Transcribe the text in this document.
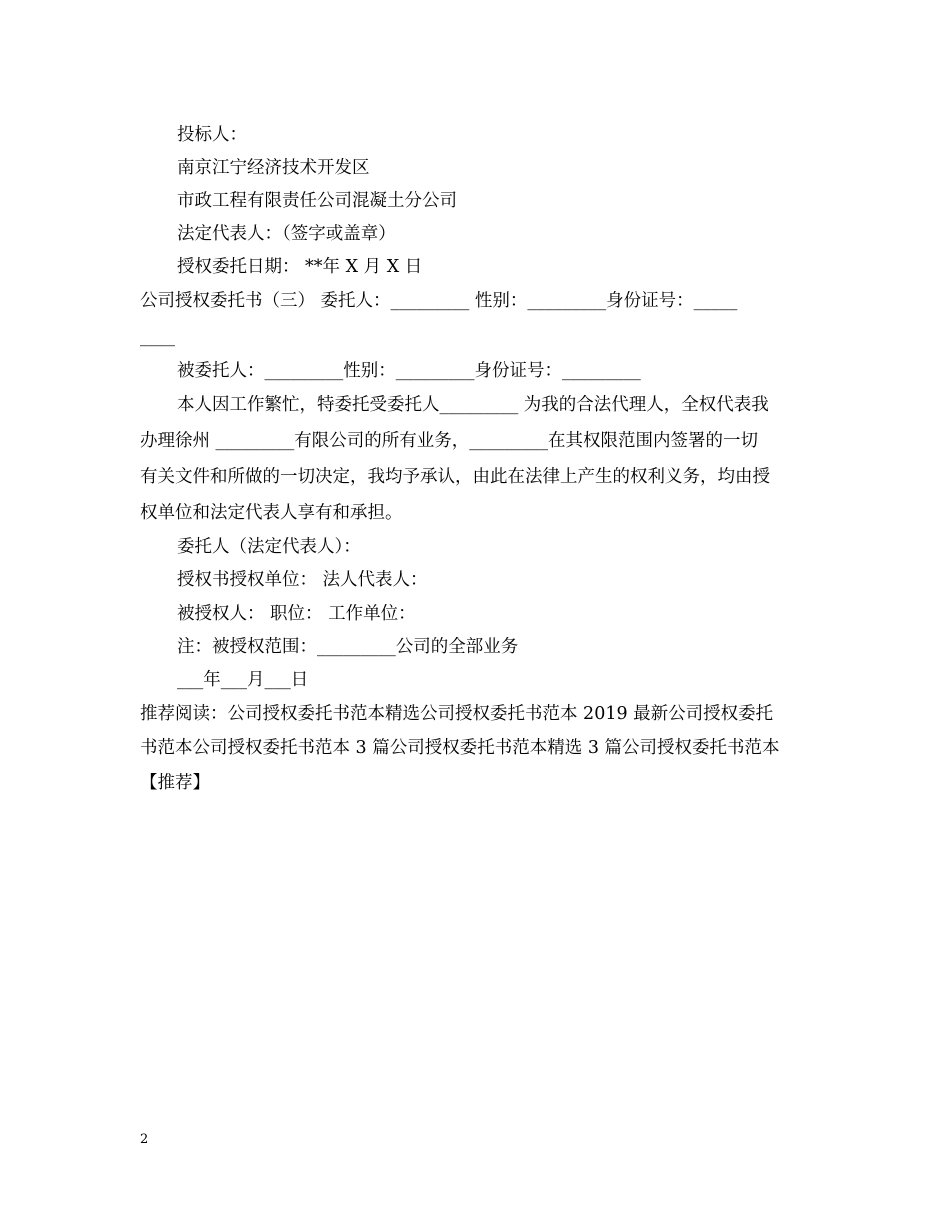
投标人：
南京江宁经济技术开发区
市政工程有限责任公司混凝土分公司
法定代表人：（签字或盖章）
授权委托日期： **年 X 月 X 日
公司授权委托书（三） 委托人：_________ 性别：_________身份证号：_____
____
被委托人：_________性别：_________身份证号：_________
本人因工作繁忙，特委托受委托人_________ 为我的合法代理人，全权代表我
办理徐州 _________有限公司的所有业务，_________在其权限范围内签署的一切
有关文件和所做的一切决定，我均予承认，由此在法律上产生的权利义务，均由授
权单位和法定代表人享有和承担。
委托人（法定代表人）：
授权书授权单位： 法人代表人：
被授权人： 职位： 工作单位：
注：被授权范围：_________公司的全部业务
___年___月___日
推荐阅读：公司授权委托书范本精选公司授权委托书范本 2019 最新公司授权委托
书范本公司授权委托书范本 3 篇公司授权委托书范本精选 3 篇公司授权委托书范本
【推荐】
2
